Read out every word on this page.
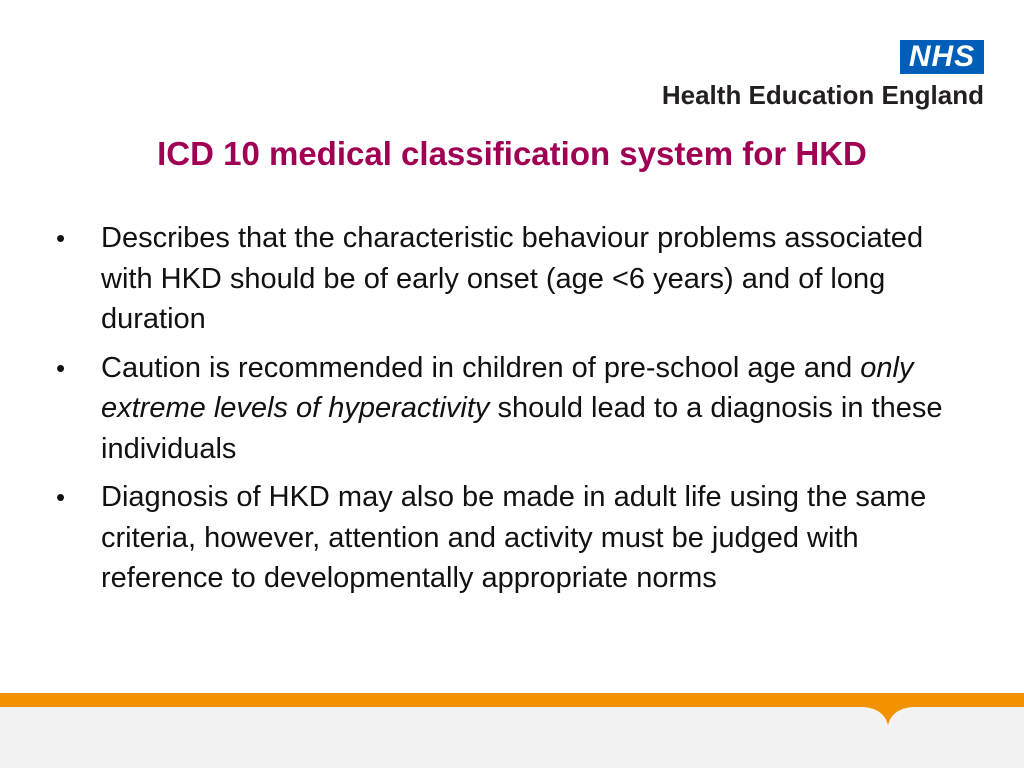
NHS
Health Education England
ICD 10 medical classification system for HKD
• Describes that the characteristic behaviour problems associated with HKD should be of early onset (age <6 years) and of long duration
• Caution is recommended in children of pre-school age and only extreme levels of hyperactivity should lead to a diagnosis in these individuals
• Diagnosis of HKD may also be made in adult life using the same criteria, however, attention and activity must be judged with reference to developmentally appropriate norms
